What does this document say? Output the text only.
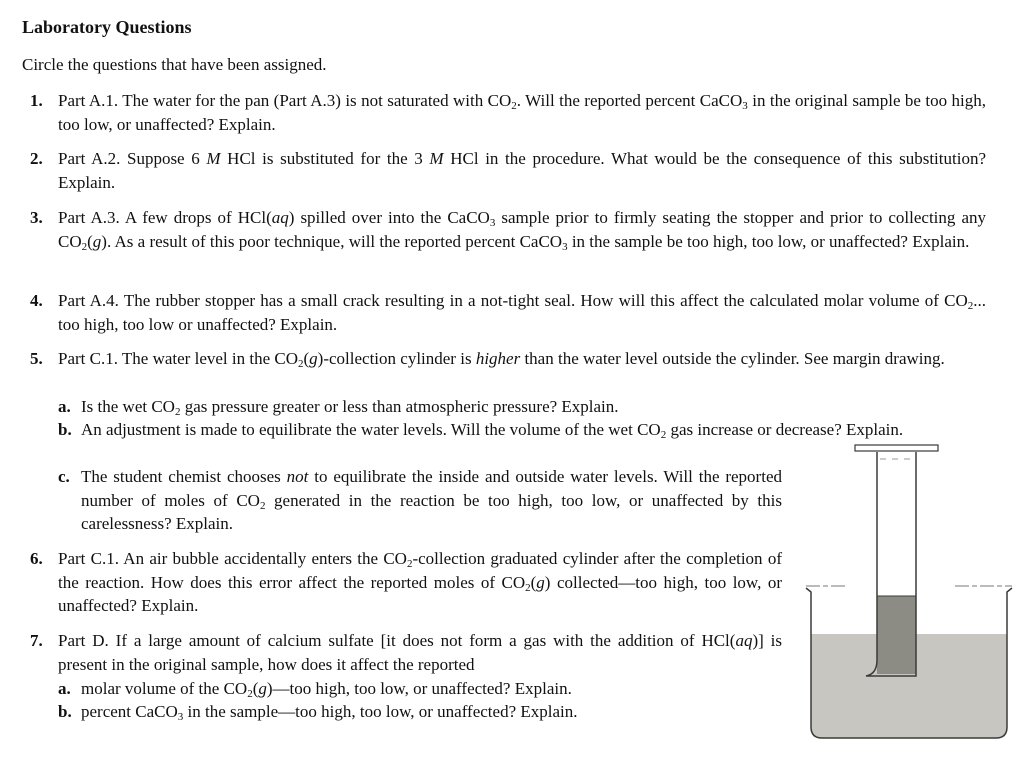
Laboratory Questions
Circle the questions that have been assigned.
1. Part A.1. The water for the pan (Part A.3) is not saturated with $CO_2$. Will the reported percent CaCO$_3$ in the original sample be too high, too low, or unaffected? Explain.
2. Part A.2. Suppose 6 M HCl is substituted for the 3 M HCl in the procedure. What would be the consequence of this substitution? Explain.
3. Part A.3. A few drops of HCl(aq) spilled over into the CaCO$_3$ sample prior to firmly seating the stopper and prior to collecting any $CO_2(g)$. As a result of this poor technique, will the reported percent CaCO$_3$ in the sample be too high, too low, or unaffected? Explain.
4. Part A.4. The rubber stopper has a small crack resulting in a not-tight seal. How will this affect the calculated molar volume of $CO_2$... too high, too low or unaffected? Explain.
5. Part C.1. The water level in the $CO_2(g)$-collection cylinder is higher than the water level outside the cylinder. See margin drawing.
a. Is the wet $CO_2$ gas pressure greater or less than atmospheric pressure? Explain.
b. An adjustment is made to equilibrate the water levels. Will the volume of the wet $CO_2$ gas increase or decrease? Explain.
c. The student chemist chooses not to equilibrate the inside and outside water levels. Will the reported number of moles of $CO_2$ generated in the reaction be too high, too low, or unaffected by this carelessness? Explain.
6. Part C.1. An air bubble accidentally enters the $CO_2$-collection graduated cylinder after the completion of the reaction. How does this error affect the reported moles of $CO_2(g)$ collected—too high, too low, or unaffected? Explain.
7. Part D. If a large amount of calcium sulfate [it does not form a gas with the addition of HCl(aq)] is present in the original sample, how does it affect the reported
a. molar volume of the $CO_2(g)—too$ high, too low, or unaffected? Explain.
b. percent CaCO$_3$ in the sample—too high, too low, or unaffected? Explain.
